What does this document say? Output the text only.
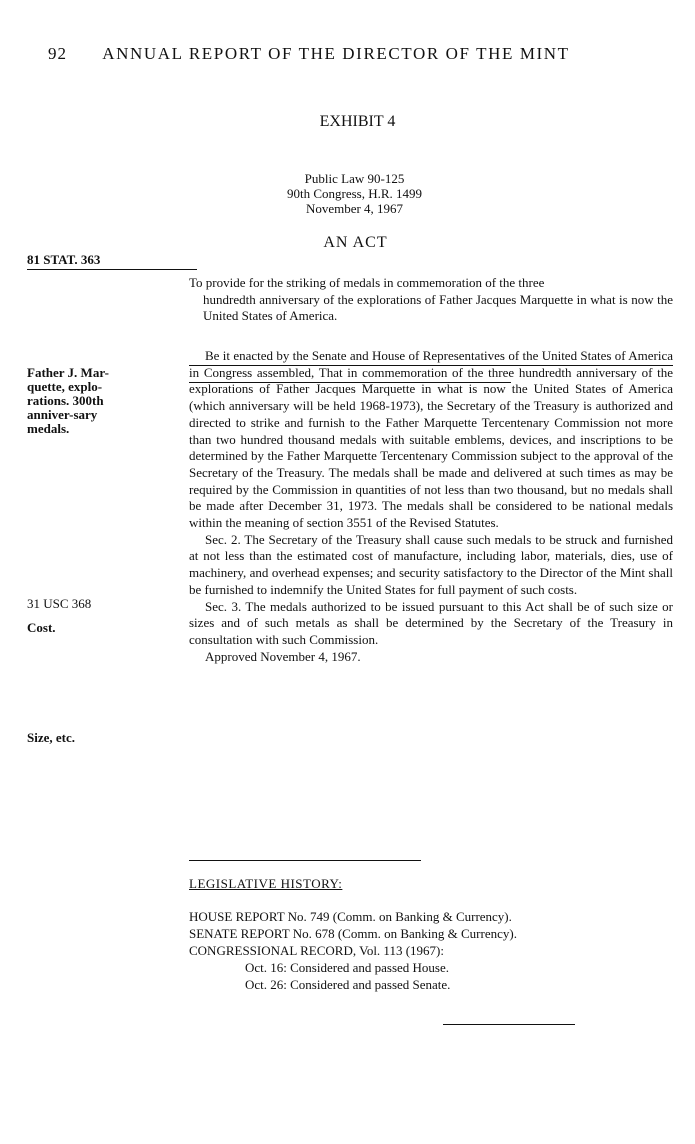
92 ANNUAL REPORT OF THE DIRECTOR OF THE MINT
EXHIBIT 4
Public Law 90-125
90th Congress, H.R. 1499
November 4, 1967
AN ACT
81 STAT. 363
To provide for the striking of medals in commemoration of the three
hundredth anniversary of the explorations of Father Jacques Marquette in what is now the United States of America.
Father J. Mar-quette, explo-rations. 300th anniver-sary medals.
31 USC 368
Cost.
Size, etc.

Be it enacted by the Senate and House of Representatives of the United States of America in Congress assembled, That in commemoration of the three hundredth anniversary of the explorations of Father Jacques Marquette in what is now the United States of America (which anniversary will be held 1968-1973), the Secretary of the Treasury is authorized and directed to strike and furnish to the Father Marquette Tercentenary Commission not more than two hundred thousand medals with suitable emblems, devices, and inscriptions to be determined by the Father Marquette Tercentenary Commission subject to the approval of the Secretary of the Treasury. The medals shall be made and delivered at such times as may be required by the Commission in quantities of not less than two thousand, but no medals shall be made after December 31, 1973. The medals shall be considered to be national medals within the meaning of section 3551 of the Revised Statutes.

Sec. 2. The Secretary of the Treasury shall cause such medals to be struck and furnished at not less than the estimated cost of manufacture, including labor, materials, dies, use of machinery, and overhead expenses; and security satisfactory to the Director of the Mint shall be furnished to indemnify the United States for full payment of such costs.

Sec. 3. The medals authorized to be issued pursuant to this Act shall be of such size or sizes and of such metals as shall be determined by the Secretary of the Treasury in consultation with such Commission.

Approved November 4, 1967.

LEGISLATIVE HISTORY:
HOUSE REPORT No. 749 (Comm. on Banking & Currency).
SENATE REPORT No. 678 (Comm. on Banking & Currency).
CONGRESSIONAL RECORD, Vol. 113 (1967):
Oct. 16: Considered and passed House.
Oct. 26: Considered and passed Senate.
